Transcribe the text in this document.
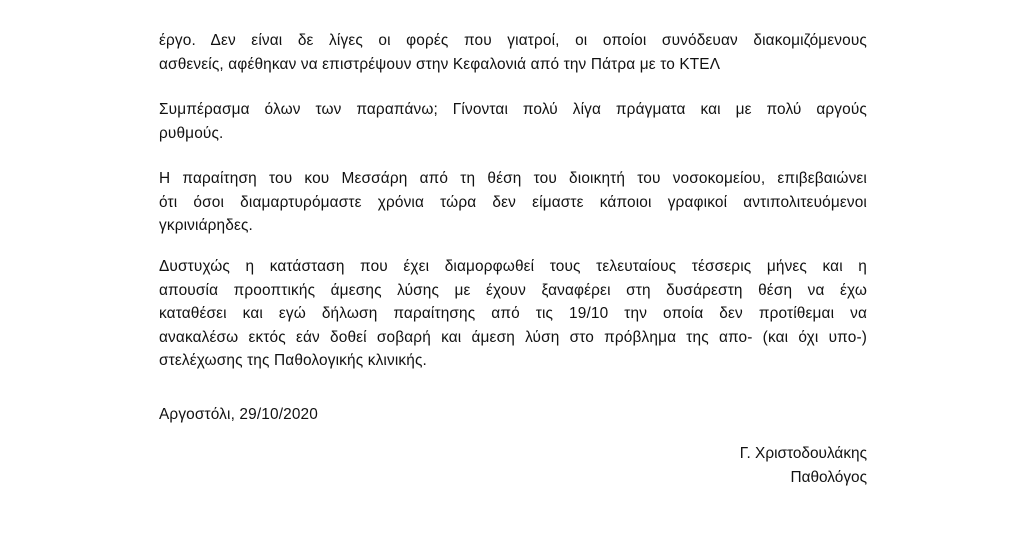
έργο. Δεν είναι δε λίγες οι φορές που γιατροί, οι οποίοι συνόδευαν διακομιζόμενους
ασθενείς, αφέθηκαν να επιστρέψουν στην Κεφαλονιά από την Πάτρα με το ΚΤΕΛ
Συμπέρασμα όλων των παραπάνω; Γίνονται πολύ λίγα πράγματα και με πολύ αργούς
ρυθμούς.
Η παραίτηση του κου Μεσσάρη από τη θέση του διοικητή του νοσοκομείου, επιβεβαιώνει
ότι όσοι διαμαρτυρόμαστε χρόνια τώρα δεν είμαστε κάποιοι γραφικοί αντιπολιτευόμενοι
γκρινιάρηδες.
Δυστυχώς η κατάσταση που έχει διαμορφωθεί τους τελευταίους τέσσερις μήνες και η
απουσία προοπτικής άμεσης λύσης με έχουν ξαναφέρει στη δυσάρεστη θέση να έχω
καταθέσει και εγώ δήλωση παραίτησης από τις 19/10 την οποία δεν προτίθεμαι να
ανακαλέσω εκτός εάν δοθεί σοβαρή και άμεση λύση στο πρόβλημα της απο- (και όχι υπο-)
στελέχωσης της Παθολογικής κλινικής.
Αργοστόλι, 29/10/2020
Γ. Χριστοδουλάκης
Παθολόγος
